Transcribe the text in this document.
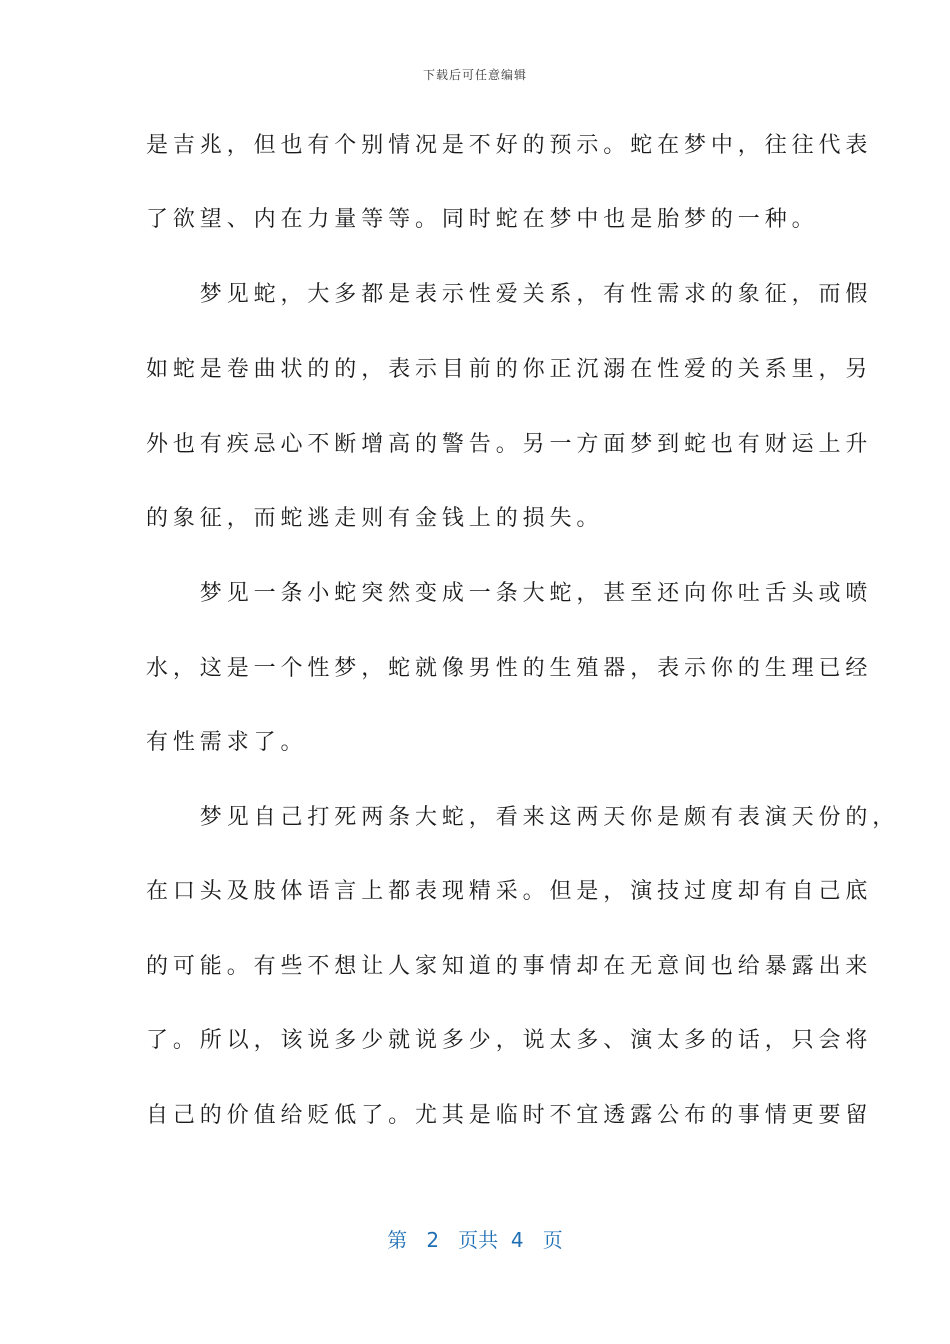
下载后可任意编辑
是吉兆，但也有个别情况是不好的预示。蛇在梦中，往往代表
了欲望、内在力量等等。同时蛇在梦中也是胎梦的一种。
　　梦见蛇，大多都是表示性爱关系，有性需求的象征，而假
如蛇是卷曲状的的，表示目前的你正沉溺在性爱的关系里，另
外也有疾忌心不断增高的警告。另一方面梦到蛇也有财运上升
的象征，而蛇逃走则有金钱上的损失。
　　梦见一条小蛇突然变成一条大蛇，甚至还向你吐舌头或喷
水，这是一个性梦，蛇就像男性的生殖器，表示你的生理已经
有性需求了。
　　梦见自己打死两条大蛇，看来这两天你是颇有表演天份的，
在口头及肢体语言上都表现精采。但是，演技过度却有自己底
的可能。有些不想让人家知道的事情却在无意间也给暴露出来
了。所以，该说多少就说多少，说太多、演太多的话，只会将
自己的价值给贬低了。尤其是临时不宜透露公布的事情更要留
第 2 页共 4 页
